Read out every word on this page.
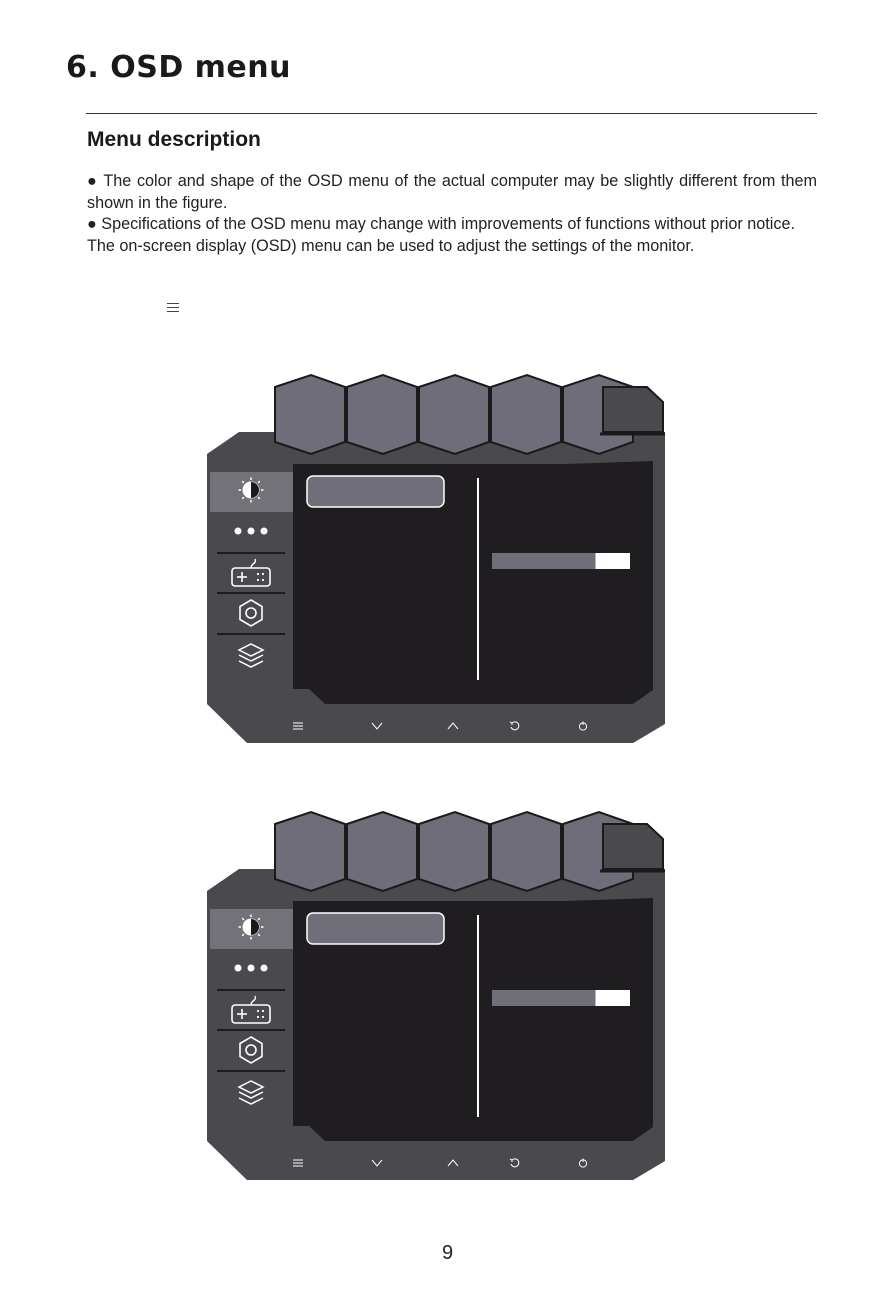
6. OSD menu
Menu description

● The color and shape of the OSD menu of the actual computer may be slightly different from them shown in the figure.

● Specifications of the OSD menu may change with improvements of functions without prior notice.

The on-screen display (OSD) menu can be used to adjust the settings of the monitor.

9
